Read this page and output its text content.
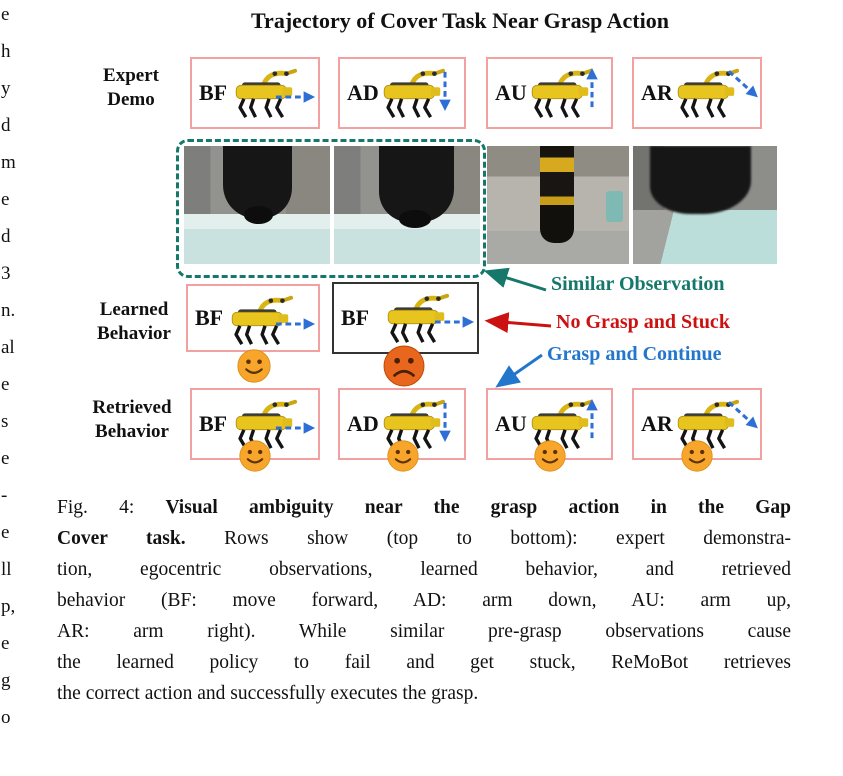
e
h
y
d
m
e
d
3
n.
al
e
s
e
-
e
ll
p,
e
g
o
Trajectory of Cover Task Near Grasp Action
Expert
Demo	BF	AD	AU	AR
Learned
Behavior
BF	BF
Similar Observation
No Grasp and Stuck
Grasp and Continue
Retrieved
Behavior	BF	AD	AU	AR
Fig. 4: Visual ambiguity near the grasp action in the Gap
Cover task. Rows show (top to bottom): expert demonstra-
tion, egocentric observations, learned behavior, and retrieved
behavior (BF: move forward, AD: arm down, AU: arm up,
AR: arm right). While similar pre-grasp observations cause
the learned policy to fail and get stuck, ReMoBot retrieves
the correct action and successfully executes the grasp.
